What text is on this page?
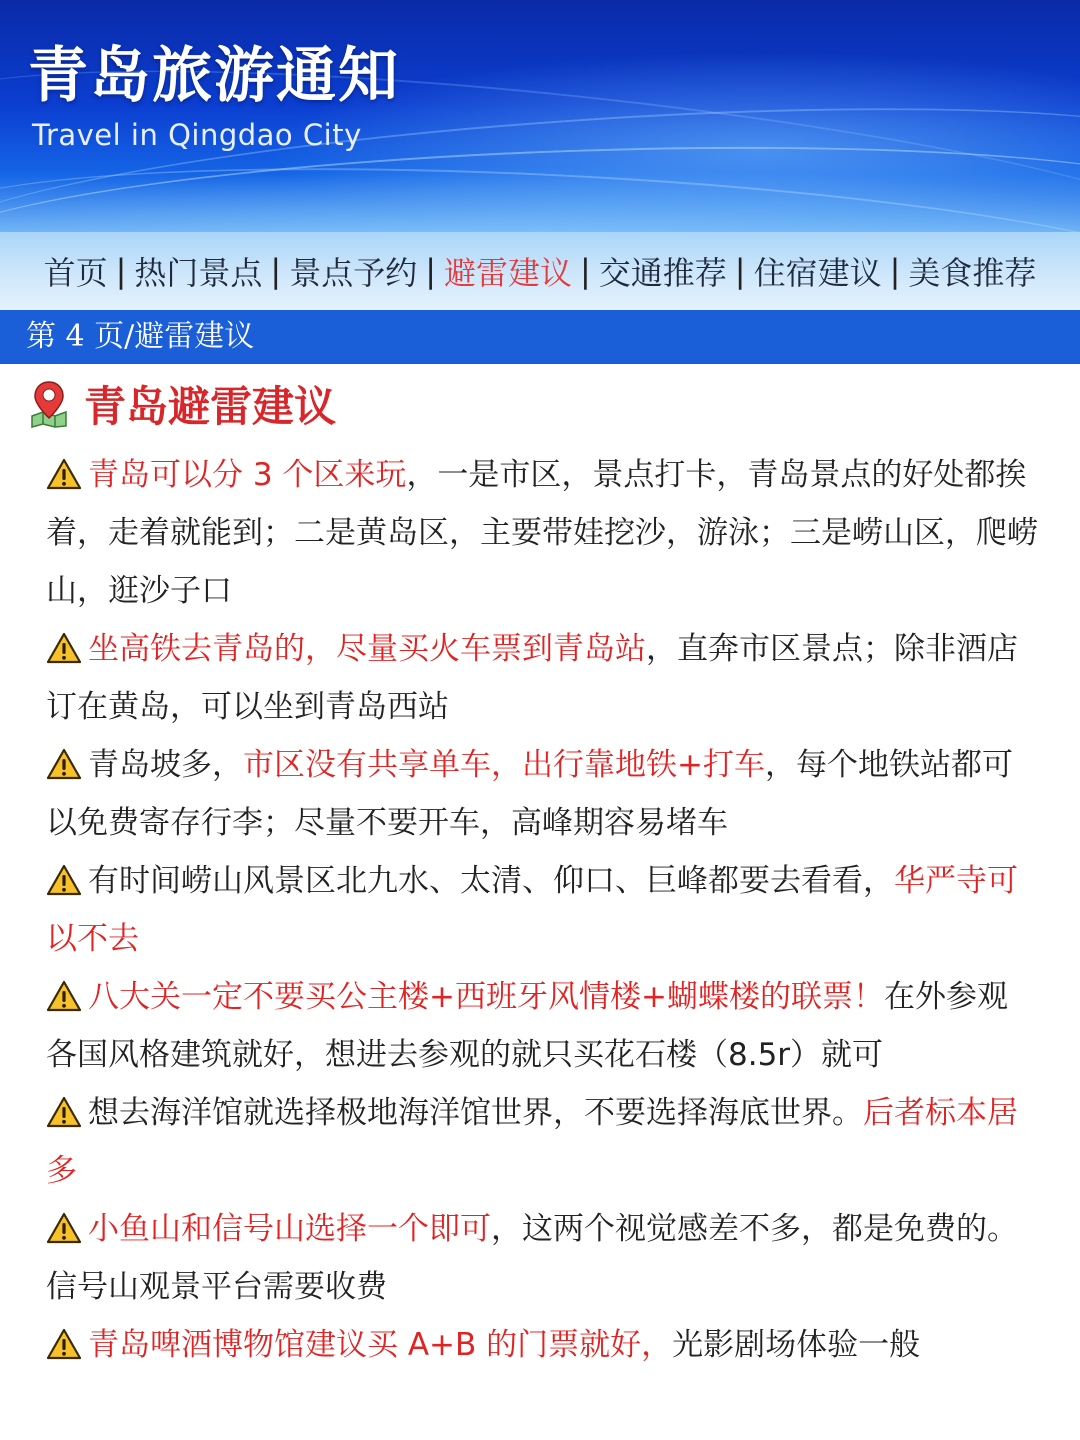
青岛旅游通知
Travel in Qingdao City
首页 | 热门景点 | 景点予约 | 避雷建议 | 交通推荐 | 住宿建议 | 美食推荐
第 4 页/避雷建议
青岛避雷建议

青岛可以分 3 个区来玩，一是市区，景点打卡，青岛景点的好处都挨着，走着就能到；二是黄岛区，主要带娃挖沙，游泳；三是崂山区，爬崂山，逛沙子口

坐高铁去青岛的，尽量买火车票到青岛站，直奔市区景点；除非酒店订在黄岛，可以坐到青岛西站

青岛坡多，市区没有共享单车，出行靠地铁+打车，每个地铁站都可以免费寄存行李；尽量不要开车，高峰期容易堵车

有时间崂山风景区北九水、太清、仰口、巨峰都要去看看，华严寺可以不去

八大关一定不要买公主楼+西班牙风情楼+蝴蝶楼的联票！在外参观各国风格建筑就好，想进去参观的就只买花石楼（8.5r）就可

想去海洋馆就选择极地海洋馆世界，不要选择海底世界。后者标本居多

小鱼山和信号山选择一个即可，这两个视觉感差不多，都是免费的。信号山观景平台需要收费

青岛啤酒博物馆建议买 A+B 的门票就好，光影剧场体验一般
